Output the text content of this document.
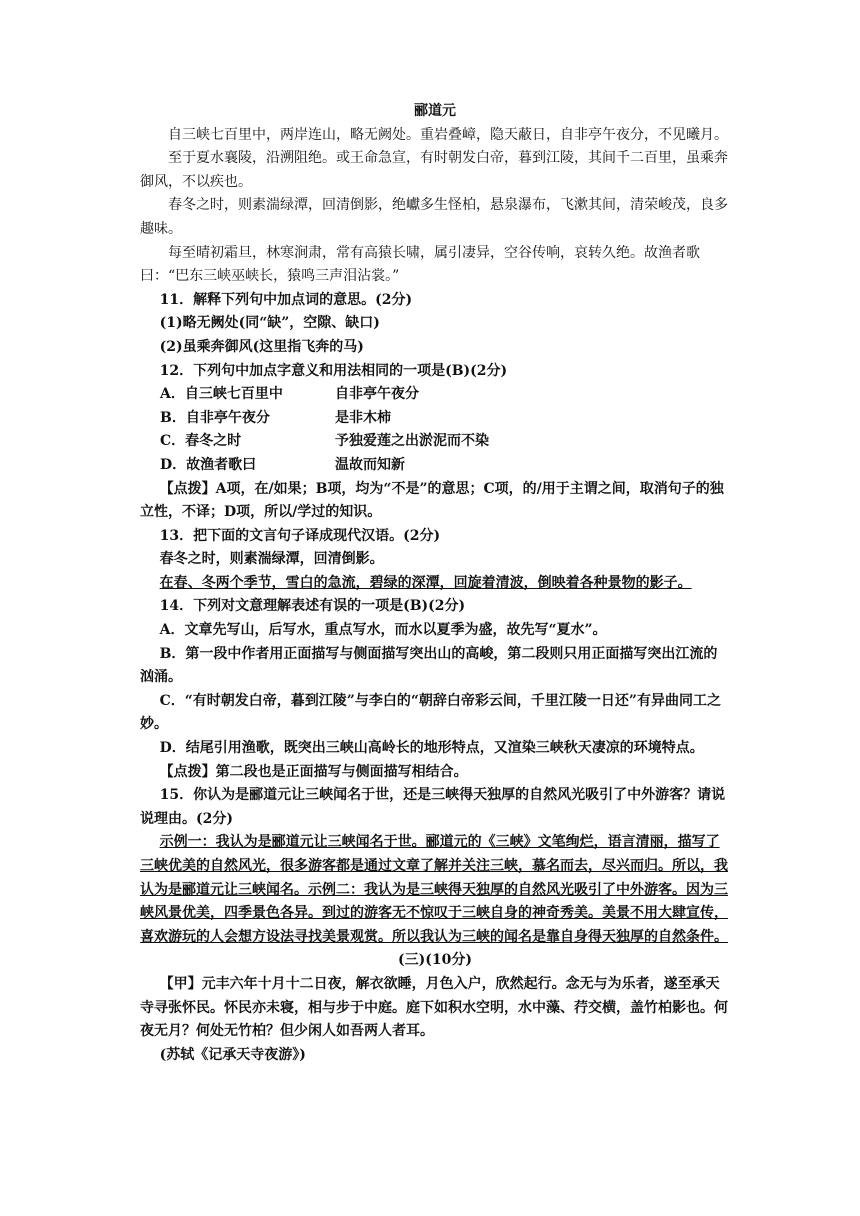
郦道元

自三峡七百里中，两岸连山，略无阙处。重岩叠嶂，隐天蔽日，自非亭午夜分，不见曦月。

至于夏水襄陵，沿溯阻绝。或王命急宣，有时朝发白帝，暮到江陵，其间千二百里，虽乘奔御风，不以疾也。

春冬之时，则素湍绿潭，回清倒影，绝巘多生怪柏，悬泉瀑布，飞漱其间，清荣峻茂，良多趣味。

每至晴初霜旦，林寒涧肃，常有高猿长啸，属引凄异，空谷传响，哀转久绝。故渔者歌曰：“巴东三峡巫峡长，猿鸣三声泪沾裳。”

11．解释下列句中加点词的意思。(2分)

(1)略无阙处(同“缺”，空隙、缺口)

(2)虽乘奔御风(这里指飞奔的马)

12．下列句中加点字意义和用法相同的一项是(B)(2分)

A．自三峡七百里中	自非亭午夜分
B．自非亭午夜分	是非木柿
C．春冬之时	予独爱莲之出淤泥而不染
D．故渔者歌曰	温故而知新

【点拨】A项，在/如果；B项，均为“不是”的意思；C项，的/用于主谓之间，取消句子的独立性，不译；D项，所以/学过的知识。

13．把下面的文言句子译成现代汉语。(2分)

春冬之时，则素湍绿潭，回清倒影。

在春、冬两个季节，雪白的急流，碧绿的深潭，回旋着清波，倒映着各种景物的影子。

14．下列对文意理解表述有误的一项是(B)(2分)

A．文章先写山，后写水，重点写水，而水以夏季为盛，故先写“夏水”。

B．第一段中作者用正面描写与侧面描写突出山的高峻，第二段则只用正面描写突出江流的汹涌。

C．“有时朝发白帝，暮到江陵”与李白的“朝辞白帝彩云间，千里江陵一日还”有异曲同工之妙。

D．结尾引用渔歌，既突出三峡山高岭长的地形特点，又渲染三峡秋天凄凉的环境特点。

【点拨】第二段也是正面描写与侧面描写相结合。

15．你认为是郦道元让三峡闻名于世，还是三峡得天独厚的自然风光吸引了中外游客？请说说理由。(2分)

示例一：我认为是郦道元让三峡闻名于世。郦道元的《三峡》文笔绚烂，语言清丽，描写了三峡优美的自然风光，很多游客都是通过文章了解并关注三峡，慕名而去，尽兴而归。所以，我认为是郦道元让三峡闻名。示例二：我认为是三峡得天独厚的自然风光吸引了中外游客。因为三峡风景优美，四季景色各异。到过的游客无不惊叹于三峡自身的神奇秀美。美景不用大肆宣传，喜欢游玩的人会想方设法寻找美景观赏。所以我认为三峡的闻名是靠自身得天独厚的自然条件。

(三)(10分)

【甲】元丰六年十月十二日夜，解衣欲睡，月色入户，欣然起行。念无与为乐者，遂至承天寺寻张怀民。怀民亦未寝，相与步于中庭。庭下如积水空明，水中藻、荇交横，盖竹柏影也。何夜无月？何处无竹柏？但少闲人如吾两人者耳。

(苏轼《记承天寺夜游》)
